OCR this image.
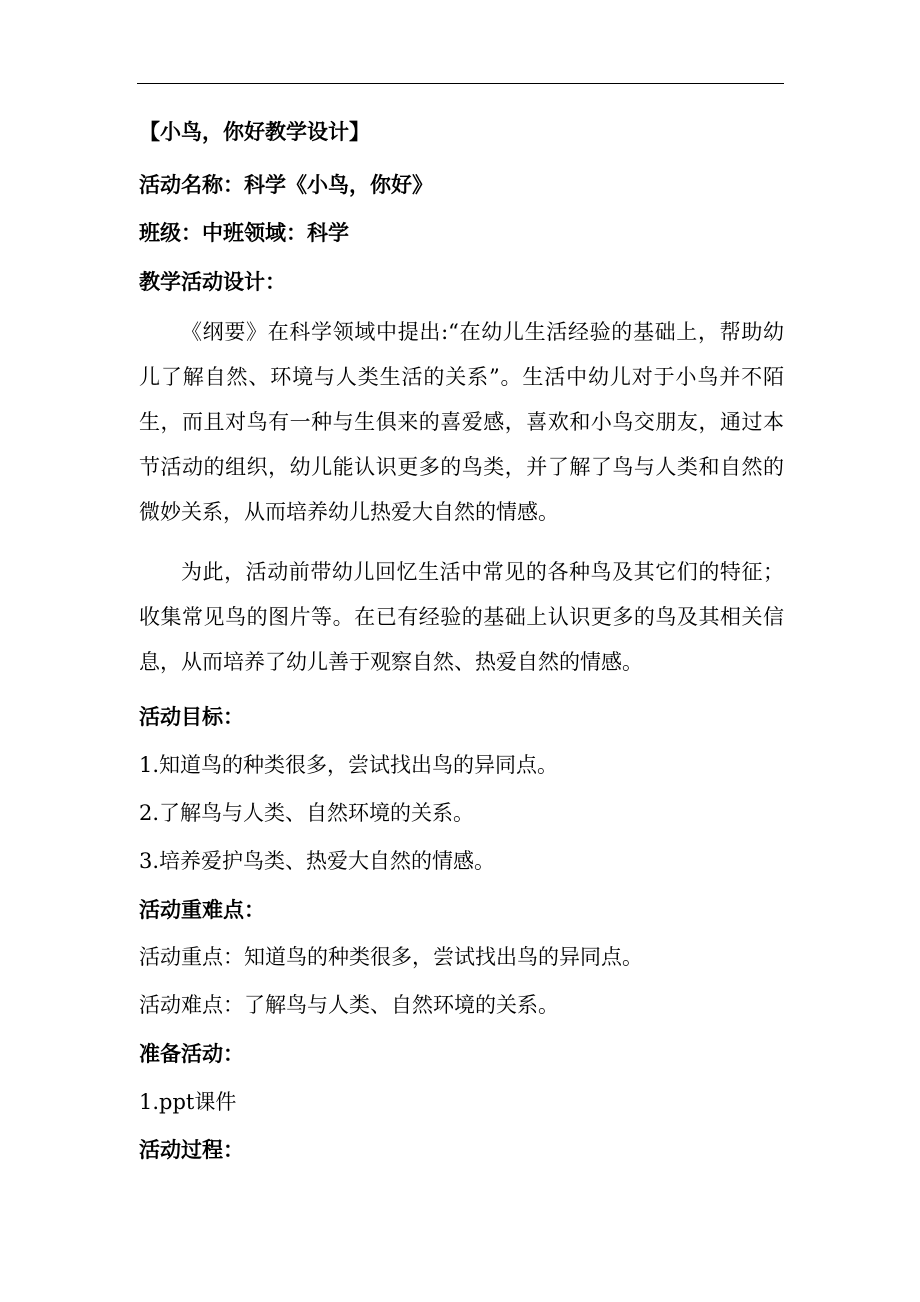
【小鸟，你好教学设计】
活动名称：科学《小鸟，你好》
班级：中班领域：科学
教学活动设计：
《纲要》在科学领域中提出:“在幼儿生活经验的基础上，帮助幼儿了解自然、环境与人类生活的关系”。生活中幼儿对于小鸟并不陌生，而且对鸟有一种与生俱来的喜爱感，喜欢和小鸟交朋友，通过本节活动的组织，幼儿能认识更多的鸟类，并了解了鸟与人类和自然的微妙关系，从而培养幼儿热爱大自然的情感。
为此，活动前带幼儿回忆生活中常见的各种鸟及其它们的特征；收集常见鸟的图片等。在已有经验的基础上认识更多的鸟及其相关信息，从而培养了幼儿善于观察自然、热爱自然的情感。
活动目标：
1.知道鸟的种类很多，尝试找出鸟的异同点。
2.了解鸟与人类、自然环境的关系。
3.培养爱护鸟类、热爱大自然的情感。
活动重难点：
活动重点：知道鸟的种类很多，尝试找出鸟的异同点。
活动难点：了解鸟与人类、自然环境的关系。
准备活动：
1.ppt课件
活动过程：
